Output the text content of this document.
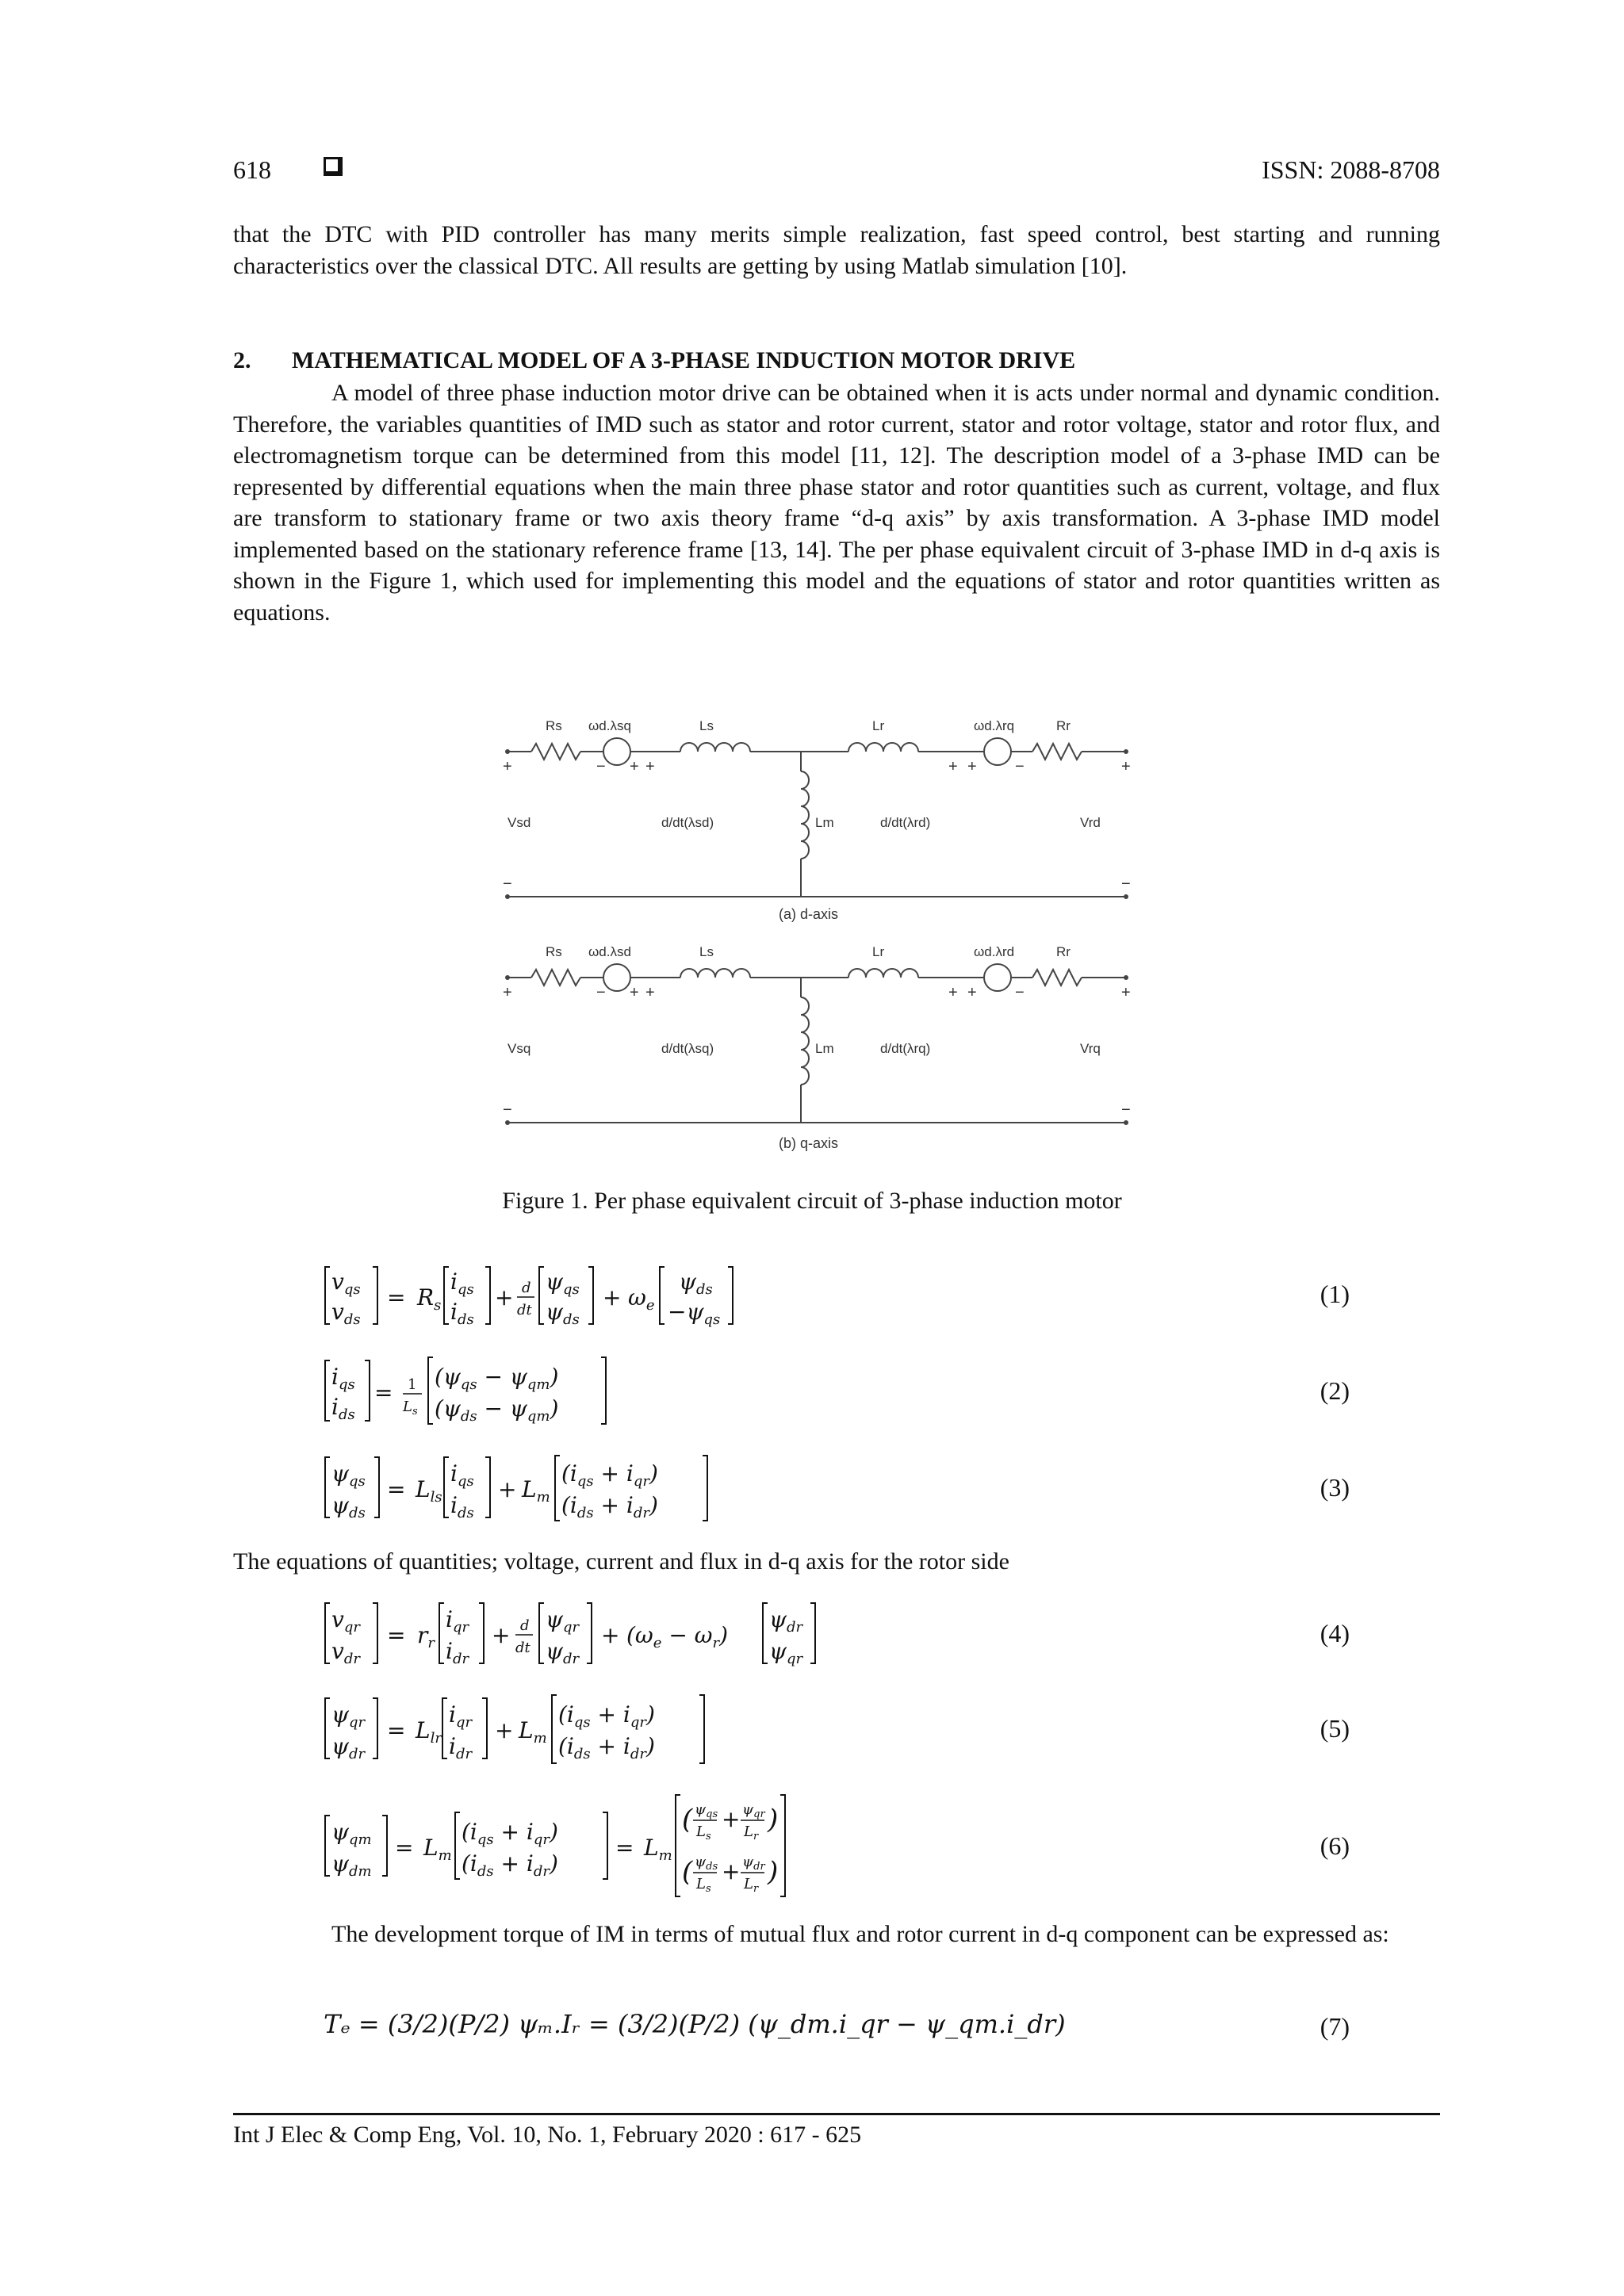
618	ISSN: 2088-8708

that the DTC with PID controller has many merits simple realization, fast speed control, best starting and running characteristics over the classical DTC. All results are getting by using Matlab simulation [10].

2. MATHEMATICAL MODEL OF A 3-PHASE INDUCTION MOTOR DRIVE

A model of three phase induction motor drive can be obtained when it is acts under normal and dynamic condition. Therefore, the variables quantities of IMD such as stator and rotor current, stator and rotor voltage, stator and rotor flux, and electromagnetism torque can be determined from this model [11, 12]. The description model of a 3-phase IMD can be represented by differential equations when the main three phase stator and rotor quantities such as current, voltage, and flux are transform to stationary frame or two axis theory frame “d-q axis” by axis transformation. A 3-phase IMD model implemented based on the stationary reference frame [13, 14]. The per phase equivalent circuit of 3-phase IMD in d-q axis is shown in the Figure 1, which used for implementing this model and the equations of stator and rotor quantities written as equations.

Rs ωd.λsq	Ls	Lr	ωd.λrq	Rr
+	− + +	+ + −	+
Vsd	d/dt(λsd)	Lm	d/dt(λrd)	Vrd
−	−
(a) d-axis
Rs ωd.λsd	Ls	Lr	ωd.λrd	Rr
+	− + +	+ + −	+
Vsq	d/dt(λsq)	Lm	d/dt(λrq)	Vrq
−	−
(b) q-axis
Figure 1. Per phase equivalent circuit of 3-phase induction motor
$v_{qs}$
$v_{ds}$
= $R_s$
$i_{qs}$
$i_{ds}$
+ d
dt
$\psi_{qs}$
$\psi_{ds}$
+ $\omega_e$
$\psi_{ds}$
$-\psi_{qs}$
(1)
$i_{qs}$
$i_{ds}$
= 1
$L_s$
$(\psi_{qs} - \psi_{qm})$
$(\psi_{ds} - \psi_{qm})$
(2)
$\psi_{qs}$
$\psi_{ds}$
= $L_{ls}$
$i_{qs}$
$i_{ds}$
+ $L_m$
$(i_{qs} + i_{qr})$
$(i_{ds} + i_{dr})$
(3)

The equations of quantities; voltage, current and flux in d-q axis for the rotor side

$v_{qr}$
$v_{dr}$
= $r_r$
$i_{qr}$
$i_{dr}$
+ d
dt
$\psi_{qr}$
$\psi_{dr}$
+ $(\omega_e - \omega_r)$
$\psi_{dr}$
$\psi_{qr}$
(4)
$\psi_{qr}$
$\psi_{dr}$
= $L_{lr}$
$i_{qr}$
$i_{dr}$
+ $L_m$
$(i_{qs} + i_{qr})$
$(i_{ds} + i_{dr})$
(5)
$\psi_{qm}$
$\psi_{dm}$
= $L_m$
$(i_{qs} + i_{qr})$
$(i_{ds} + i_{dr})$
= $L_m$
( $\psi_{qs}$
$L_s$
+ $\psi_{qr}$
$L_r$
)
( $\psi_{ds}$
$L_s$
+ $\psi_{dr}$
$L_r$
)
(6)

The development torque of IM in terms of mutual flux and rotor current in d-q component can be expressed as:

Tₑ = (3/2)(P/2) ψₘ.Iᵣ = (3/2)(P/2) (ψ_dm.i_qr − ψ_qm.i_dr)	(7)
Int J Elec & Comp Eng, Vol. 10, No. 1, February 2020 : 617 - 625
